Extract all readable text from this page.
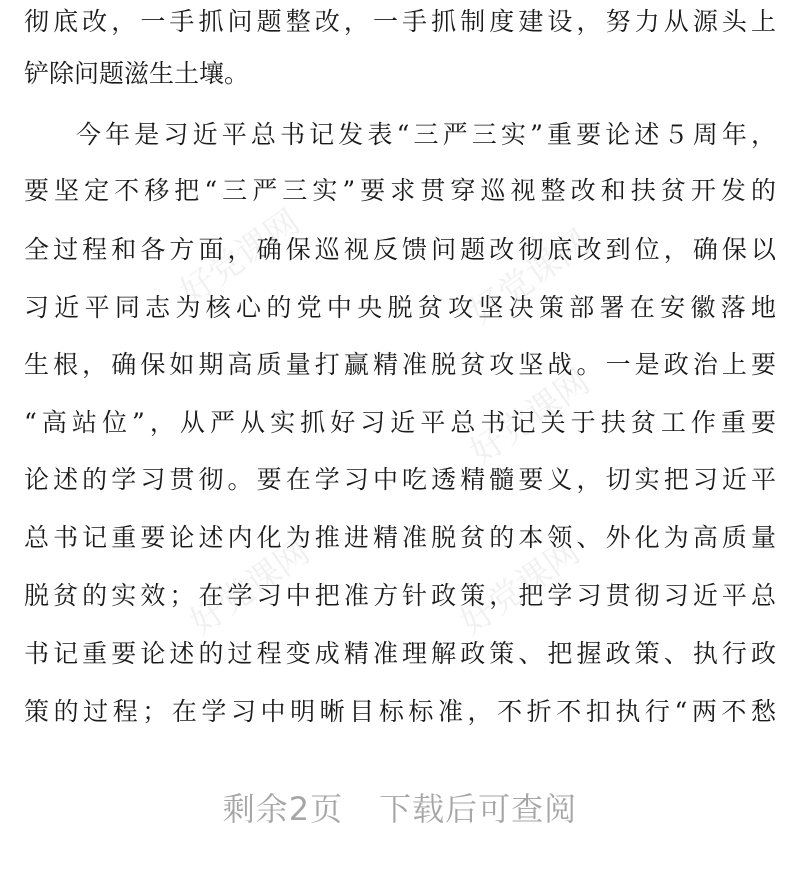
好党课网	好党课网
好党课网
好党课网	好党课网
彻底改，一手抓问题整改，一手抓制度建设，努力从源头上
铲除问题滋生土壤。
今年是习近平总书记发表“三严三实”重要论述５周年，
要坚定不移把“三严三实”要求贯穿巡视整改和扶贫开发的
全过程和各方面，确保巡视反馈问题改彻底改到位，确保以
习近平同志为核心的党中央脱贫攻坚决策部署在安徽落地
生根，确保如期高质量打赢精准脱贫攻坚战。一是政治上要
“高站位”，从严从实抓好习近平总书记关于扶贫工作重要
论述的学习贯彻。要在学习中吃透精髓要义，切实把习近平
总书记重要论述内化为推进精准脱贫的本领、外化为高质量
脱贫的实效；在学习中把准方针政策，把学习贯彻习近平总
书记重要论述的过程变成精准理解政策、把握政策、执行政
策的过程；在学习中明晰目标标准，不折不扣执行“两不愁
剩余2页 下载后可查阅
